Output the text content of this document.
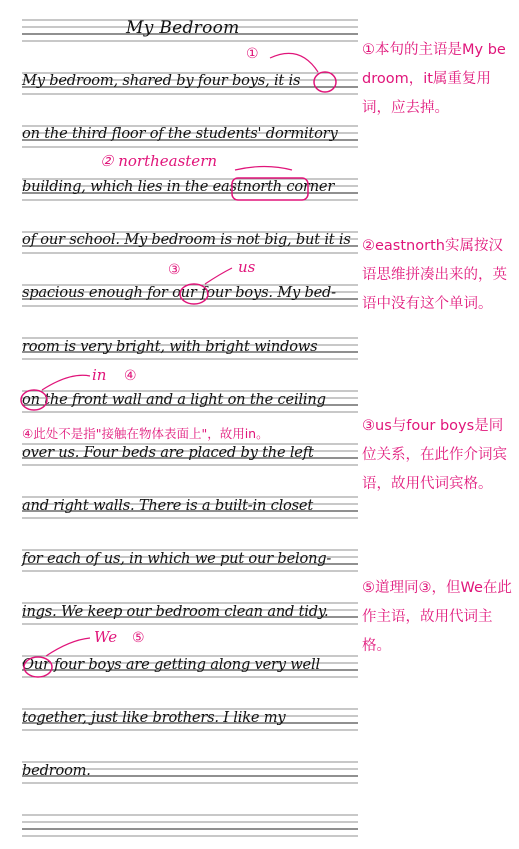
My Bedroom
My bedroom, shared by four boys, it is
on the third floor of the students' dormitory
building, which lies in the eastnorth corner
of our school. My bedroom is not big, but it is
spacious enough for our four boys. My bed-
room is very bright, with bright windows
on the front wall and a light on the ceiling
over us. Four beds are placed by the left
and right walls. There is a built-in closet
for each of us, in which we put our belong-
ings. We keep our bedroom clean and tidy.
Our four boys are getting along very well
together, just like brothers. I like my
bedroom.
①
② northeastern
③	us
in ④
④此处不是指"接触在物体表面上"，故用in。
We ⑤
①本句的主语是My bedroom，it属重复用词，应去掉。
②eastnorth实属按汉语思维拼凑出来的，英语中没有这个单词。
③us与four boys是同位关系，在此作介词宾语，故用代词宾格。
⑤道理同③，但We在此作主语，故用代词主格。
